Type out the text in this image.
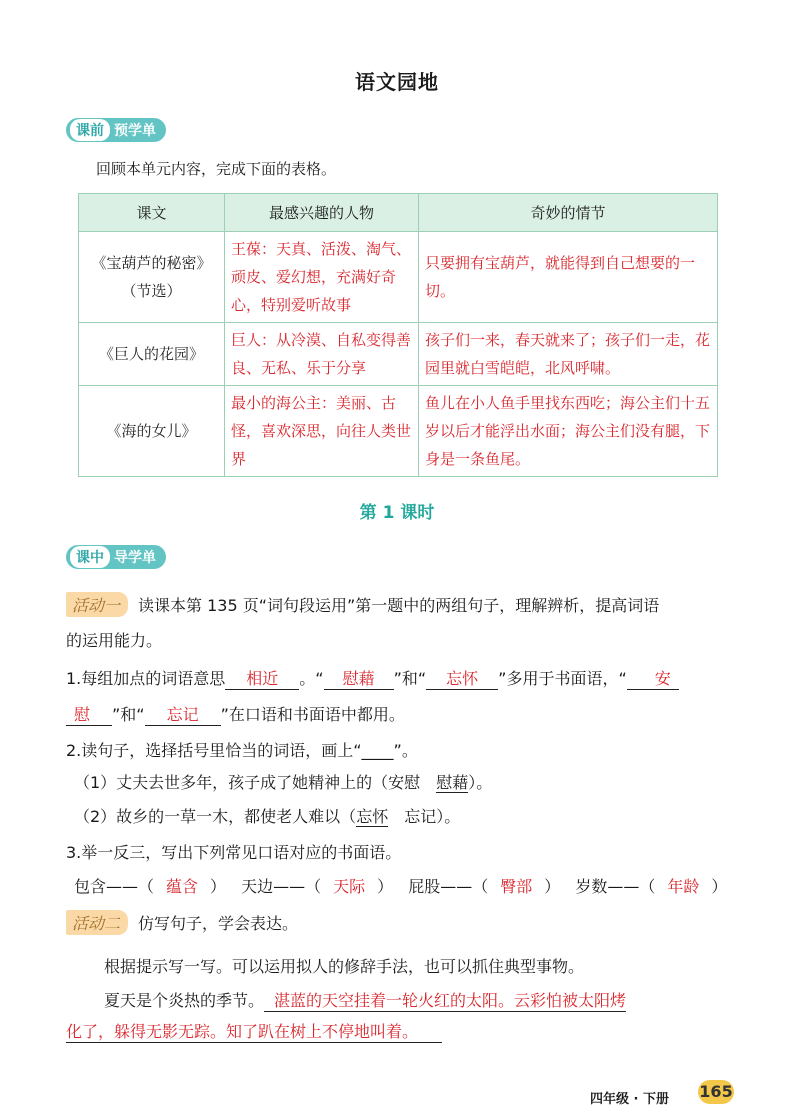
语文园地
课前 预学单
回顾本单元内容，完成下面的表格。
课文	最感兴趣的人物	奇妙的情节
《宝葫芦的秘密》（节选）	王葆：天真、活泼、淘气、顽皮、爱幻想，充满好奇心，特别爱听故事	只要拥有宝葫芦，就能得到自己想要的一切。
《巨人的花园》	巨人：从冷漠、自私变得善良、无私、乐于分享	孩子们一来，春天就来了；孩子们一走，花园里就白雪皑皑，北风呼啸。
《海的女儿》	最小的海公主：美丽、古怪，喜欢深思，向往人类世界	鱼儿在小人鱼手里找东西吃；海公主们十五岁以后才能浮出水面；海公主们没有腿，下身是一条鱼尾。
第 1 课时
课中 导学单
活动一 读课本第 135 页“词句段运用”第一题中的两组句子，理解辨析，提高词语
的运用能力。
1.每组加点的词语意思 相近 。“ 慰藉 ”和“ 忘怀 ”多用于书面语，“ 安
慰 ”和“ 忘记 ”在口语和书面语中都用。
2.读句子，选择括号里恰当的词语，画上“____”。
（1）丈夫去世多年，孩子成了她精神上的（安慰　慰藉）。
（2）故乡的一草一木，都使老人难以（忘怀　忘记）。
3.举一反三，写出下列常见口语对应的书面语。
包含——（ 蕴含 ） 天边——（ 天际 ） 屁股——（ 臀部 ） 岁数——（ 年龄 ）
活动二 仿写句子，学会表达。
根据提示写一写。可以运用拟人的修辞手法，也可以抓住典型事物。
夏天是个炎热的季节。 湛蓝的天空挂着一轮火红的太阳。云彩怕被太阳烤
化了，躲得无影无踪。知了趴在树上不停地叫着。
四年级 · 下册 165
